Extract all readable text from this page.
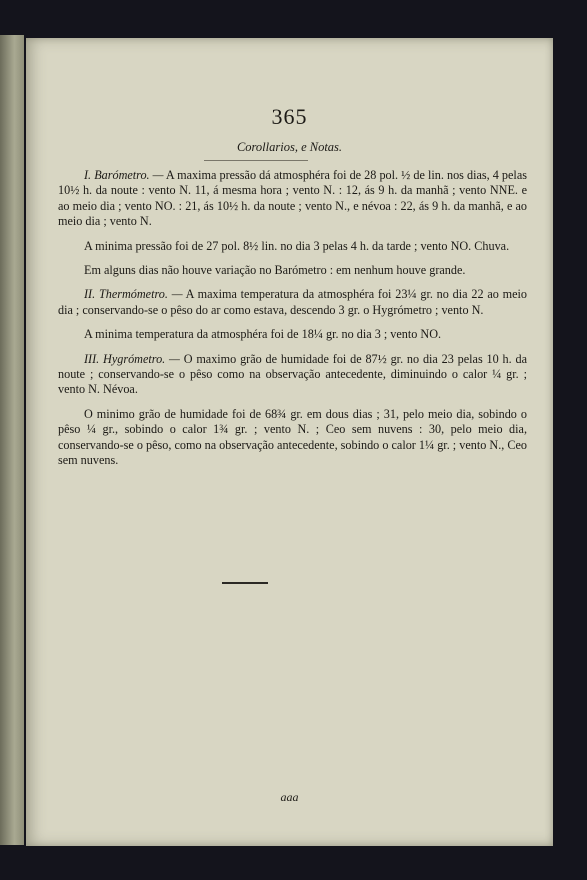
365
Corollarios, e Notas.

I. Barómetro. — A maxima pressão dá atmosphéra foi de 28 pol. ½ de lin. nos dias, 4 pelas 10½ h. da noute : vento N. 11, á mesma hora ; vento N. : 12, ás 9 h. da manhã ; vento NNE. e ao meio dia ; vento NO. : 21, ás 10½ h. da noute ; vento N., e névoa : 22, ás 9 h. da manhã, e ao meio dia ; vento N.

A minima pressão foi de 27 pol. 8½ lin. no dia 3 pelas 4 h. da tarde ; vento NO. Chuva.

Em alguns dias não houve variação no Barómetro : em nenhum houve grande.

II. Thermómetro. — A maxima temperatura da atmosphéra foi 23¼ gr. no dia 22 ao meio dia ; conservando-se o pêso do ar como estava, descendo 3 gr. o Hygrómetro ; vento N.

A minima temperatura da atmosphéra foi de 18¼ gr. no dia 3 ; vento NO.

III. Hygrómetro. — O maximo grão de humidade foi de 87½ gr. no dia 23 pelas 10 h. da noute ; conservando-se o pêso como na observação antecedente, diminuindo o calor ¼ gr. ; vento N. Névoa.

O minimo grão de humidade foi de 68¾ gr. em dous dias ; 31, pelo meio dia, sobindo o pêso ¼ gr., sobindo o calor 1¾ gr. ; vento N. ; Ceo sem nuvens : 30, pelo meio dia, conservando-se o pêso, como na observação antecedente, sobindo o calor 1¼ gr. ; vento N., Ceo sem nuvens.

aaa
